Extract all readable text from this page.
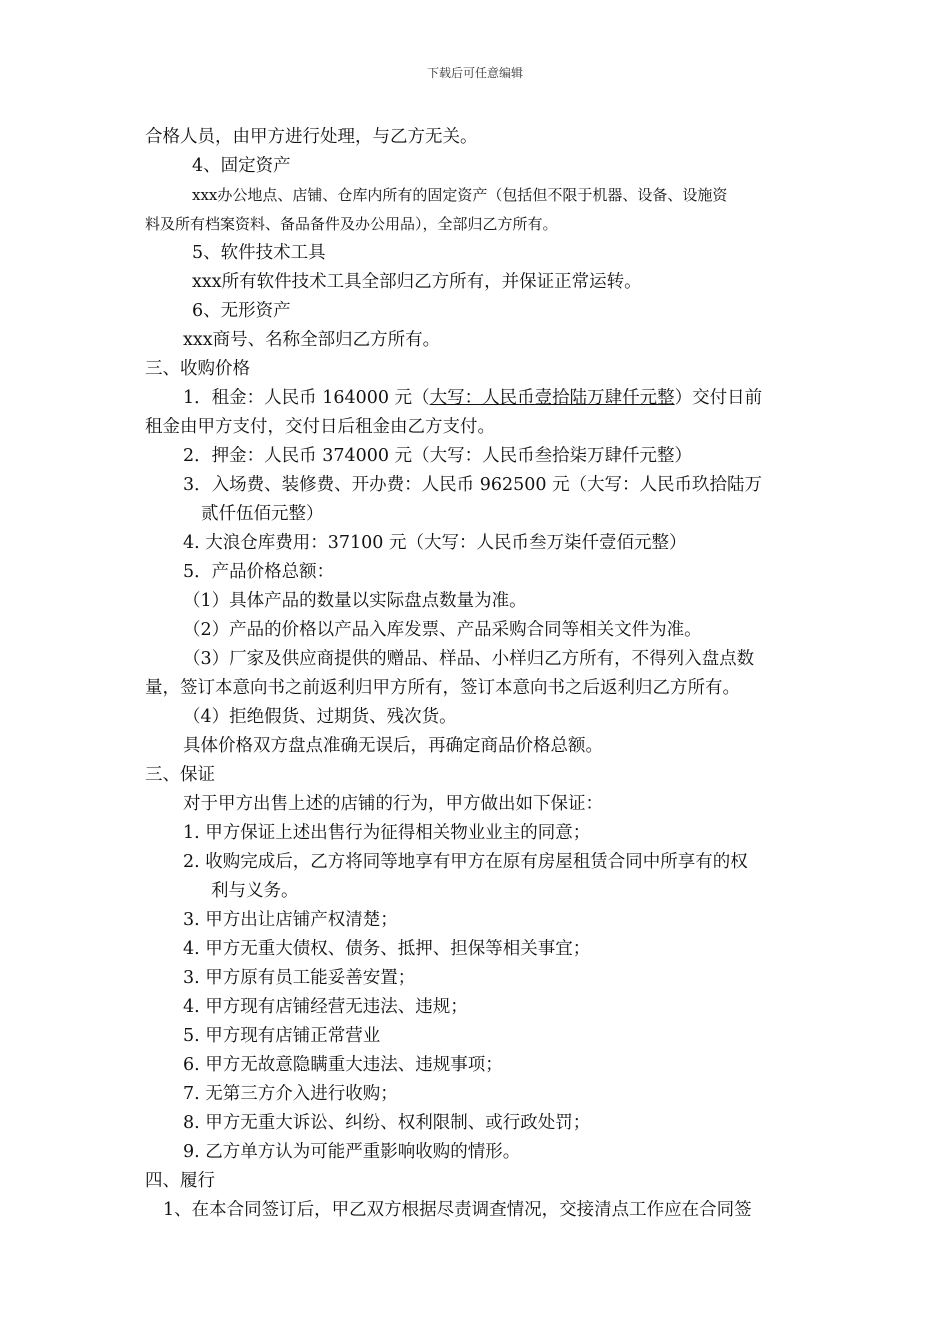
下载后可任意编辑
合格人员，由甲方进行处理，与乙方无关。
4、固定资产
xxx办公地点、店铺、仓库内所有的固定资产（包括但不限于机器、设备、设施资
料及所有档案资料、备品备件及办公用品），全部归乙方所有。
5、软件技术工具
xxx所有软件技术工具全部归乙方所有，并保证正常运转。
6、无形资产
xxx商号、名称全部归乙方所有。
三、收购价格
1．租金：人民币 164000 元（大写：人民币壹拾陆万肆仟元整）交付日前
租金由甲方支付，交付日后租金由乙方支付。
2．押金：人民币 374000 元（大写：人民币叁拾柒万肆仟元整）
3．入场费、装修费、开办费：人民币 962500 元（大写：人民币玖拾陆万
贰仟伍佰元整）
4. 大浪仓库费用：37100 元（大写：人民币叁万柒仟壹佰元整）
5．产品价格总额：
（1）具体产品的数量以实际盘点数量为准。
（2）产品的价格以产品入库发票、产品采购合同等相关文件为准。
（3）厂家及供应商提供的赠品、样品、小样归乙方所有，不得列入盘点数
量，签订本意向书之前返利归甲方所有，签订本意向书之后返利归乙方所有。
（4）拒绝假货、过期货、残次货。
具体价格双方盘点准确无误后，再确定商品价格总额。
三、保证
对于甲方出售上述的店铺的行为，甲方做出如下保证：
1. 甲方保证上述出售行为征得相关物业业主的同意；
2. 收购完成后，乙方将同等地享有甲方在原有房屋租赁合同中所享有的权
利与义务。
3. 甲方出让店铺产权清楚；
4. 甲方无重大债权、债务、抵押、担保等相关事宜；
3. 甲方原有员工能妥善安置；
4. 甲方现有店铺经营无违法、违规；
5. 甲方现有店铺正常营业
6. 甲方无故意隐瞒重大违法、违规事项；
7. 无第三方介入进行收购；
8. 甲方无重大诉讼、纠纷、权利限制、或行政处罚；
9. 乙方单方认为可能严重影响收购的情形。
四、履行
1、在本合同签订后，甲乙双方根据尽责调查情况，交接清点工作应在合同签
